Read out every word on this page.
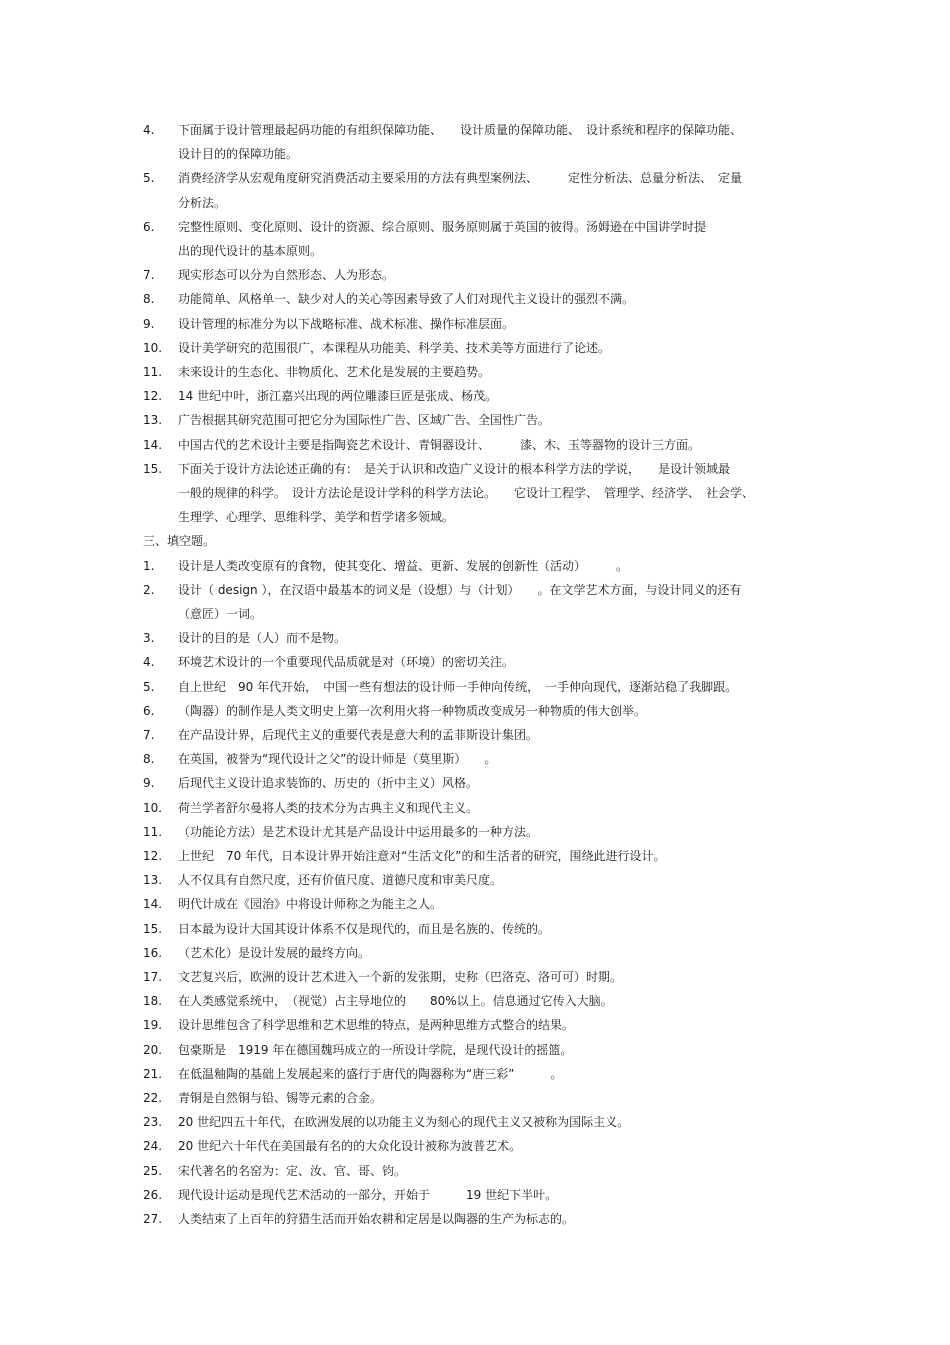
4. 下面属于设计管理最起码功能的有组织保障功能、　　设计质量的保障功能、　设计系统和程序的保障功能、
设计目的的保障功能。
5. 消费经济学从宏观角度研究消费活动主要采用的方法有典型案例法、　　　定性分析法、总量分析法、　定量
分析法。
6. 完整性原则、变化原则、设计的资源、综合原则、服务原则属于英国的彼得。汤姆逊在中国讲学时提
出的现代设计的基本原则。
7. 现实形态可以分为自然形态、人为形态。
8. 功能简单、风格单一、缺少对人的关心等因素导致了人们对现代主义设计的强烈不满。
9. 设计管理的标准分为以下战略标准、战术标准、操作标准层面。
10. 设计美学研究的范围很广，本课程从功能美、科学美、技术美等方面进行了论述。
11. 未来设计的生态化、非物质化、艺术化是发展的主要趋势。
12. 14 世纪中叶，浙江嘉兴出现的两位雕漆巨匠是张成、杨茂。
13. 广告根据其研究范围可把它分为国际性广告、区域广告、全国性广告。
14. 中国古代的艺术设计主要是指陶瓷艺术设计、青铜器设计、　　　漆、木、玉等器物的设计三方面。
15. 下面关于设计方法论述正确的有：　是关于认识和改造广义设计的根本科学方法的学说，　　是设计领域最
一般的规律的科学。　设计方法论是设计学科的科学方法论。　　它设计工程学、　管理学、经济学、　社会学、
生理学、心理学、思维科学、美学和哲学诸多领域。
三、填空题。
1. 设计是人类改变原有的食物，使其变化、增益、更新、发展的创新性（活动）　　　。
2. 设计（ design ），在汉语中最基本的词义是（设想）与（计划）　　。在文学艺术方面，与设计同义的还有
（意匠）一词。
3. 设计的目的是（人）而不是物。
4. 环境艺术设计的一个重要现代品质就是对（环境）的密切关注。
5. 自上世纪　90 年代开始，　中国一些有想法的设计师一手伸向传统，　一手伸向现代，逐渐站稳了我脚跟。
6. （陶器）的制作是人类文明史上第一次利用火将一种物质改变成另一种物质的伟大创举。
7. 在产品设计界，后现代主义的重要代表是意大利的孟菲斯设计集团。
8. 在英国，被誉为“现代设计之父”的设计师是（莫里斯）　　。
9. 后现代主义设计追求装饰的、历史的（折中主义）风格。
10. 荷兰学者舒尔曼将人类的技术分为古典主义和现代主义。
11. （功能论方法）是艺术设计尤其是产品设计中运用最多的一种方法。
12. 上世纪　70 年代，日本设计界开始注意对“生活文化”的和生活者的研究，围绕此进行设计。
13. 人不仅具有自然尺度，还有价值尺度、道德尺度和审美尺度。
14. 明代计成在《园治》中将设计师称之为能主之人。
15. 日本最为设计大国其设计体系不仅是现代的，而且是名族的、传统的。
16. （艺术化）是设计发展的最终方向。
17. 文艺复兴后，欧洲的设计艺术进入一个新的发张期，史称（巴洛克、洛可可）时期。
18. 在人类感觉系统中，　（视觉）占主导地位的　　80%以上。信息通过它传入大脑。
19. 设计思维包含了科学思维和艺术思维的特点，是两种思维方式整合的结果。
20. 包豪斯是　1919 年在德国魏玛成立的一所设计学院，是现代设计的摇篮。
21. 在低温釉陶的基础上发展起来的盛行于唐代的陶器称为“唐三彩”　　　。
22. 青铜是自然铜与铅、锡等元素的合金。
23. 20 世纪四五十年代，在欧洲发展的以功能主义为刻心的现代主义又被称为国际主义。
24. 20 世纪六十年代在美国最有名的的大众化设计被称为波普艺术。
25. 宋代著名的名窑为：定、汝、官、哥、钧。
26. 现代设计运动是现代艺术活动的一部分，开始于　　　19 世纪下半叶。
27. 人类结束了上百年的狩猎生活而开始农耕和定居是以陶器的生产为标志的。
